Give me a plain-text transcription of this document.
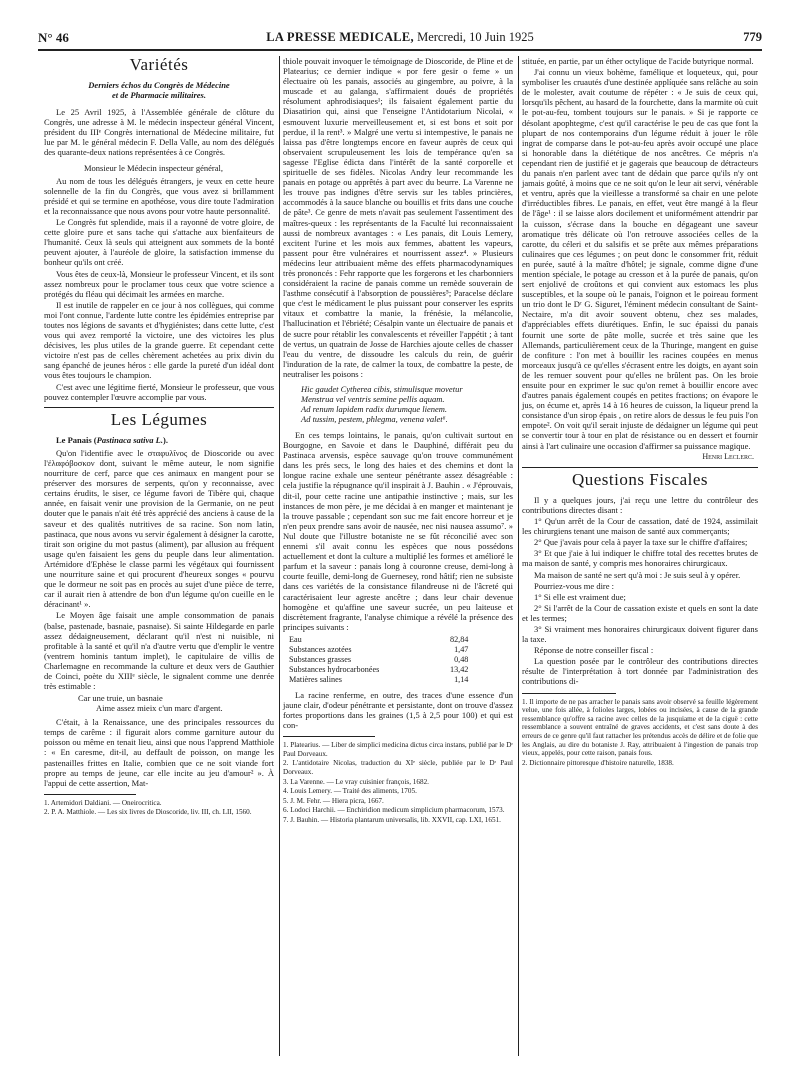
N° 46	LA PRESSE MEDICALE, Mercredi, 10 Juin 1925	779
Variétés
Derniers échos du Congrès de Médecine
et de Pharmacie militaires.

Le 25 Avril 1925, à l'Assemblée générale de clôture du Congrès, une adresse à M. le médecin inspecteur général Vincent, président du IIIᵉ Congrès international de Médecine militaire, fut lue par M. le général médecin F. Della Valle, au nom des délégués des quarante-deux nations représentées à ce Congrès.

Monsieur le Médecin inspecteur général,

Au nom de tous les délégués étrangers, je veux en cette heure solennelle de la fin du Congrès, que vous avez si brillamment présidé et qui se termine en apothéose, vous dire toute l'admiration et la reconnaissance que nous avons pour votre haute personnalité.

Le Congrès fut splendide, mais il a rayonné de votre gloire, de cette gloire pure et sans tache qui s'attache aux bienfaiteurs de l'humanité. Ceux là seuls qui atteignent aux sommets de la bonté peuvent ajouter, à l'auréole de gloire, la satisfaction immense du bonheur qu'ils ont créé.

Vous êtes de ceux-là, Monsieur le professeur Vincent, et ils sont assez nombreux pour le proclamer tous ceux que votre science a protégés du fléau qui décimait les armées en marche.

Il est inutile de rappeler en ce jour à nos collègues, qui comme moi l'ont connue, l'ardente lutte contre les épidémies entreprise par toutes nos légions de savants et d'hygiénistes; dans cette lutte, c'est vous qui avez remporté la victoire, une des victoires les plus décisives, les plus utiles de la grande guerre. Et cependant cette victoire n'est pas de celles chèrement achetées au prix divin du sang épanché de jeunes héros : elle garde la pureté d'un idéal dont vous êtes toujours le champion.

C'est avec une légitime fierté, Monsieur le professeur, que vous pouvez contempler l'œuvre accomplie par vous.

Les Légumes

Le Panais (Pastinaca sativa L.).

Qu'on l'identifie avec le σταφυλῖνος de Dioscoride ou avec l'ἐλαφόβοσκον dont, suivant le même auteur, le nom signifie nourriture de cerf, parce que ces animaux en mangent pour se préserver des morsures de serpents, qu'on y reconnaisse, avec certains érudits, le siser, ce légume favori de Tibère qui, chaque année, en faisait venir une provision de la Germanie, on ne peut douter que le panais n'ait été très apprécié des anciens à cause de la saveur et des qualités nutritives de sa racine. Son nom latin, pastinaca, que nous avons vu servir également à désigner la carotte, tirait son origine du mot pastus (aliment), par allusion au fréquent usage qu'en faisaient les gens du peuple dans leur alimentation. Artémidore d'Ephèse le classe parmi les végétaux qui fournissent une nourriture saine et qui procurent d'heureux songes « pourvu que le dormeur ne soit pas en procès au sujet d'une pièce de terre, car il aurait rien à attendre de bon d'un légume qu'on cueille en le déracinant¹ ».

Le Moyen âge faisait une ample consommation de panais (balse, pastenade, basnaie, pasnaise). Si sainte Hildegarde en parle assez dédaigneusement, déclarant qu'il n'est ni nuisible, ni profitable à la santé et qu'il n'a d'autre vertu que d'emplir le ventre (ventrem hominis tantum implet), le capitulaire de villis de Charlemagne en recommande la culture et deux vers de Gauthier de Coinci, poète du XIIIᵉ siècle, le signalent comme une denrée très estimable :

Car une truie, un basnaie
Aime assez mieix c'un marc d'argent.

C'était, à la Renaissance, une des principales ressources du temps de carême : il figurait alors comme garniture autour du poisson ou même en tenait lieu, ainsi que nous l'apprend Matthiole : « En caresme, dit-il, au deffault de poisson, on mange les pastenailles frittes en Italie, combien que ce ne soit viande fort propre au temps de jeune, car elle incite au jeu d'amour² ». À l'appui de cette assertion, Mat-

1. Artemidori Daldiani. — Oneirocritica.

2. P. A. Matthiole. — Les six livres de Dioscoride, liv. III, ch. LII, 1560.

thiole pouvait invoquer le témoignage de Dioscoride, de Pline et de Platearius; ce dernier indique « por fere gesir o feme » un électuaire où les panais, associés au gingembre, au poivre, à la muscade et au galanga, s'affirmaient doués de propriétés résolument aphrodisiaques¹; ils faisaient également partie du Diasatirion qui, ainsi que l'enseigne l'Antidotarium Nicolai, « esmouvent luxurie merveilleusement et, si est bons et soit por perdue, il la rent³. » Malgré une vertu si intempestive, le panais ne laissa pas d'être longtemps encore en faveur auprès de ceux qui observaient scrupuleusement les lois de tempérance qu'en sa sagesse l'Eglise édicta dans l'intérêt de la santé corporelle et spirituelle de ses fidèles. Nicolas Andry leur recommande les panais en potage ou apprêtés à part avec du beurre. La Varenne ne les trouve pas indignes d'être servis sur les tables princières, accommodés à la sauce blanche ou bouillis et frits dans une couche de pâte³. Ce genre de mets n'avait pas seulement l'assentiment des maîtres-queux : les représentants de la Faculté lui reconnaissaient aussi de nombreux avantages : « Les panais, dit Louis Lemery, excitent l'urine et les mois aux femmes, abattent les vapeurs, passent pour être vulnéraires et nourrissent assez⁴. » Plusieurs médecins leur attribuaient même des effets pharmacodynamiques très prononcés : Fehr rapporte que les forgerons et les charbonniers considéraient la racine de panais comme un remède souverain de l'asthme consécutif à l'absorption de poussières⁵; Paracelse déclare que c'est le médicament le plus puissant pour conserver les esprits vitaux et combattre la manie, la frénésie, la mélancolie, l'hallucination et l'ébriété; Césalpin vante un électuaire de panais et de sucre pour rétablir les convalescents et réveiller l'appétit ; à tant de vertus, un quatrain de Josse de Harchies ajoute celles de chasser l'eau du ventre, de dissoudre les calculs du rein, de guérir l'induration de la rate, de calmer la toux, de combattre la peste, de neutraliser les poisons :

Hic gaudet Cytherea cibis, stimulisque movetur
Menstrua vel ventris semine pellis aquam.
Ad renum lapidem radix durumque lienem.
Ad tussim, pestem, phlegma, venena valet⁶.

En ces temps lointains, le panais, qu'on cultivait surtout en Bourgogne, en Savoie et dans le Dauphiné, différait peu du Pastinaca arvensis, espèce sauvage qu'on trouve communément dans les prés secs, le long des haies et des chemins et dont la longue racine exhale une senteur pénétrante assez désagréable : cela justifie la répugnance qu'il inspirait à J. Bauhin . « J'éprouvais, dit-il, pour cette racine une antipathie instinctive ; mais, sur les instances de mon père, je me décidai à en manger et maintenant je la trouve passable ; cependant son suc me fait encore horreur et je n'en peux prendre sans avoir de nausée, nec nisi nausea assumo⁷. » Nul doute que l'illustre botaniste ne se fût réconcilié avec son ennemi s'il avait connu les espèces que nous possédons actuellement et dont la culture a multiplié les formes et amélioré le parfum et la saveur : panais long à couronne creuse, demi-long à courte feuille, demi-long de Guernesey, rond hâtif; rien ne subsiste dans ces variétés de la consistance filandreuse ni de l'âcreté qui caractérisaient leur agreste ancêtre ; dans leur chair devenue homogène et qu'affine une saveur sucrée, un peu laiteuse et discrètement fragrante, l'analyse chimique a révélé la présence des principes suivants :

Eau	82,84
Substances azotées	1,47
Substances grasses	0,48
Substances hydrocarbonées	13,42
Matières salines	1,14

La racine renferme, en outre, des traces d'une essence d'un jaune clair, d'odeur pénétrante et persistante, dont on trouve d'assez fortes proportions dans les graines (1,5 à 2,5 pour 100) et qui est con-

1. Platearius. — Liber de simplici medicina dictus circa instans, publié par le Dʳ Paul Dorveaux.

2. L'antidotaire Nicolas, traduction du XIᵉ siècle, publiée par le Dʳ Paul Dorveaux.

3. La Varenne. — Le vray cuisinier françois, 1682.

4. Louis Lemery. — Traité des aliments, 1705.

5. J. M. Fehr. — Hiera picra, 1667.

6. Lodoci Harchii. — Enchiridion medicum simplicium pharmacorum, 1573.

7. J. Bauhin. — Historia plantarum universalis, lib. XXVII, cap. LXI, 1651.

stituée, en partie, par un éther octylique de l'acide butyrique normal.

J'ai connu un vieux bohème, famélique et loqueteux, qui, pour symboliser les cruautés d'une destinée applíquée sans relâche au soin de le molester, avait coutume de répéter : « Je suis de ceux qui, lorsqu'ils pêchent, au hasard de la fourchette, dans la marmite où cuit le pot-au-feu, tombent toujours sur le panais. » Si je rapporte ce désolant apophtegme, c'est qu'il caractérise le peu de cas que font la plupart de nos contemporains d'un légume réduit à jouer le rôle ingrat de comparse dans le pot-au-feu après avoir occupé une place si honorable dans la diététique de nos ancêtres. Ce mépris n'a cependant rien de justifié et je gagerais que beaucoup de détracteurs du panais n'en parlent avec tant de dédain que parce qu'ils n'y ont jamais goûté, à moins que ce ne soit qu'on le leur ait servi, vénérable et ventru, après que la vieillesse a transformé sa chair en une pelote d'irréductibles fibres. Le panais, en effet, veut être mangé à la fleur de l'âge¹ : il se laisse alors docilement et uniformément attendrir par la cuisson, s'écrase dans la bouche en dégageant une saveur aromatique très délicate où l'on retrouve associées celles de la carotte, du céleri et du salsifis et se prête aux mêmes préparations culinaires que ces légumes ; on peut donc le consommer frit, réduit en purée, sauté à la maître d'hôtel; je signale, comme digne d'une mention spéciale, le potage au cresson et à la purée de panais, qu'on sert enjolivé de croûtons et qui convient aux estomacs les plus susceptibles, et la soupe où le panais, l'oignon et le poireau forment un trio dont le Dʳ G. Siguret, l'éminent médecin consultant de Saint-Nectaire, m'a dit avoir souvent obtenu, chez ses malades, d'appréciables effets diurétiques. Enfin, le suc épaissi du panais fournit une sorte de pâte molle, sucrée et très saine que les Allemands, particulièrement ceux de la Thuringe, mangent en guise de confiture : l'on met à bouillir les racines coupées en menus morceaux jusqu'à ce qu'elles s'écrasent entre les doigts, en ayant soin de les remuer souvent pour qu'elles ne brûlent pas. On les broie ensuite pour en exprimer le suc qu'on remet à bouillir encore avec d'autres panais également coupés en petites fractions; on évapore le jus, on écume et, après 14 à 16 heures de cuisson, la liqueur prend la consistance d'un sirop épais , on retire alors de dessus le feu puis l'on empote². On voit qu'il serait injuste de dédaigner un légume qui peut se convertir tour à tour en plat de résistance ou en dessert et fournir ainsi à l'art culinaire une occasion d'affirmer sa puissance magique.

Henri Leclerc.

Questions Fiscales

Il y a quelques jours, j'ai reçu une lettre du contrôleur des contributions directes disant :

1° Qu'un arrêt de la Cour de cassation, daté de 1924, assimilait les chirurgiens tenant une maison de santé aux commerçants;

2° Que j'avais pour cela à payer la taxe sur le chiffre d'affaires;

3° Et que j'aie à lui indiquer le chiffre total des recettes brutes de ma maison de santé, y compris mes honoraires chirurgicaux.

Ma maison de santé ne sert qu'à moi : Je suis seul à y opérer.

Pourriez-vous me dire :

1° Si elle est vraiment due;

2° Si l'arrêt de la Cour de cassation existe et quels en sont la date et les termes;

3° Si vraiment mes honoraires chirurgicaux doivent figurer dans la taxe.

Réponse de notre conseiller fiscal :

La question posée par le contrôleur des contributions directes résulte de l'interprétation à tort donnée par l'administration des contributions di-

1. Il importe de ne pas arracher le panais sans avoir observé sa feuille légèrement velue, une fois allée, à folioles larges, lobées ou incisées, à cause de la grande ressemblance qu'offre sa racine avec celles de la jusquiame et de la ciguë : cette ressemblance a souvent entraîné de graves accidents, et c'est sans doute à des erreurs de ce genre qu'il faut rattacher les prétendus accès de délire et de folie que les Anglais, au dire du botaniste J. Ray, attribuaient à l'ingestion de panais trop vieux, appelés, pour cette raison, panais fous.

2. Dictionnaire pittoresque d'histoire naturelle, 1838.
